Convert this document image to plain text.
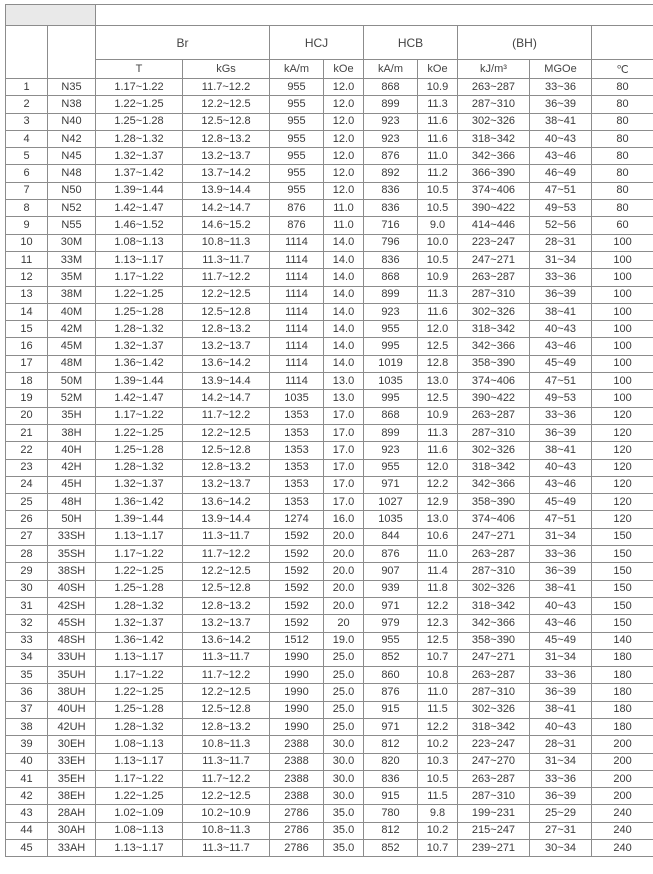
		Br		HCJ		HCB		(BH)		
		T	kGs	kA/m	kOe	kA/m	kOe	kJ/m³	MGOe	℃
1	N35	1.17~1.22	11.7~12.2	955	12.0	868	10.9	263~287	33~36	80
2	N38	1.22~1.25	12.2~12.5	955	12.0	899	11.3	287~310	36~39	80
3	N40	1.25~1.28	12.5~12.8	955	12.0	923	11.6	302~326	38~41	80
4	N42	1.28~1.32	12.8~13.2	955	12.0	923	11.6	318~342	40~43	80
5	N45	1.32~1.37	13.2~13.7	955	12.0	876	11.0	342~366	43~46	80
6	N48	1.37~1.42	13.7~14.2	955	12.0	892	11.2	366~390	46~49	80
7	N50	1.39~1.44	13.9~14.4	955	12.0	836	10.5	374~406	47~51	80
8	N52	1.42~1.47	14.2~14.7	876	11.0	836	10.5	390~422	49~53	80
9	N55	1.46~1.52	14.6~15.2	876	11.0	716	9.0	414~446	52~56	60
10	30M	1.08~1.13	10.8~11.3	1114	14.0	796	10.0	223~247	28~31	100
11	33M	1.13~1.17	11.3~11.7	1114	14.0	836	10.5	247~271	31~34	100
12	35M	1.17~1.22	11.7~12.2	1114	14.0	868	10.9	263~287	33~36	100
13	38M	1.22~1.25	12.2~12.5	1114	14.0	899	11.3	287~310	36~39	100
14	40M	1.25~1.28	12.5~12.8	1114	14.0	923	11.6	302~326	38~41	100
15	42M	1.28~1.32	12.8~13.2	1114	14.0	955	12.0	318~342	40~43	100
16	45M	1.32~1.37	13.2~13.7	1114	14.0	995	12.5	342~366	43~46	100
17	48M	1.36~1.42	13.6~14.2	1114	14.0	1019	12.8	358~390	45~49	100
18	50M	1.39~1.44	13.9~14.4	1114	13.0	1035	13.0	374~406	47~51	100
19	52M	1.42~1.47	14.2~14.7	1035	13.0	995	12.5	390~422	49~53	100
20	35H	1.17~1.22	11.7~12.2	1353	17.0	868	10.9	263~287	33~36	120
21	38H	1.22~1.25	12.2~12.5	1353	17.0	899	11.3	287~310	36~39	120
22	40H	1.25~1.28	12.5~12.8	1353	17.0	923	11.6	302~326	38~41	120
23	42H	1.28~1.32	12.8~13.2	1353	17.0	955	12.0	318~342	40~43	120
24	45H	1.32~1.37	13.2~13.7	1353	17.0	971	12.2	342~366	43~46	120
25	48H	1.36~1.42	13.6~14.2	1353	17.0	1027	12.9	358~390	45~49	120
26	50H	1.39~1.44	13.9~14.4	1274	16.0	1035	13.0	374~406	47~51	120
27	33SH	1.13~1.17	11.3~11.7	1592	20.0	844	10.6	247~271	31~34	150
28	35SH	1.17~1.22	11.7~12.2	1592	20.0	876	11.0	263~287	33~36	150
29	38SH	1.22~1.25	12.2~12.5	1592	20.0	907	11.4	287~310	36~39	150
30	40SH	1.25~1.28	12.5~12.8	1592	20.0	939	11.8	302~326	38~41	150
31	42SH	1.28~1.32	12.8~13.2	1592	20.0	971	12.2	318~342	40~43	150
32	45SH	1.32~1.37	13.2~13.7	1592	20	979	12.3	342~366	43~46	150
33	48SH	1.36~1.42	13.6~14.2	1512	19.0	955	12.5	358~390	45~49	140
34	33UH	1.13~1.17	11.3~11.7	1990	25.0	852	10.7	247~271	31~34	180
35	35UH	1.17~1.22	11.7~12.2	1990	25.0	860	10.8	263~287	33~36	180
36	38UH	1.22~1.25	12.2~12.5	1990	25.0	876	11.0	287~310	36~39	180
37	40UH	1.25~1.28	12.5~12.8	1990	25.0	915	11.5	302~326	38~41	180
38	42UH	1.28~1.32	12.8~13.2	1990	25.0	971	12.2	318~342	40~43	180
39	30EH	1.08~1.13	10.8~11.3	2388	30.0	812	10.2	223~247	28~31	200
40	33EH	1.13~1.17	11.3~11.7	2388	30.0	820	10.3	247~270	31~34	200
41	35EH	1.17~1.22	11.7~12.2	2388	30.0	836	10.5	263~287	33~36	200
42	38EH	1.22~1.25	12.2~12.5	2388	30.0	915	11.5	287~310	36~39	200
43	28AH	1.02~1.09	10.2~10.9	2786	35.0	780	9.8	199~231	25~29	240
44	30AH	1.08~1.13	10.8~11.3	2786	35.0	812	10.2	215~247	27~31	240
45	33AH	1.13~1.17	11.3~11.7	2786	35.0	852	10.7	239~271	30~34	240
